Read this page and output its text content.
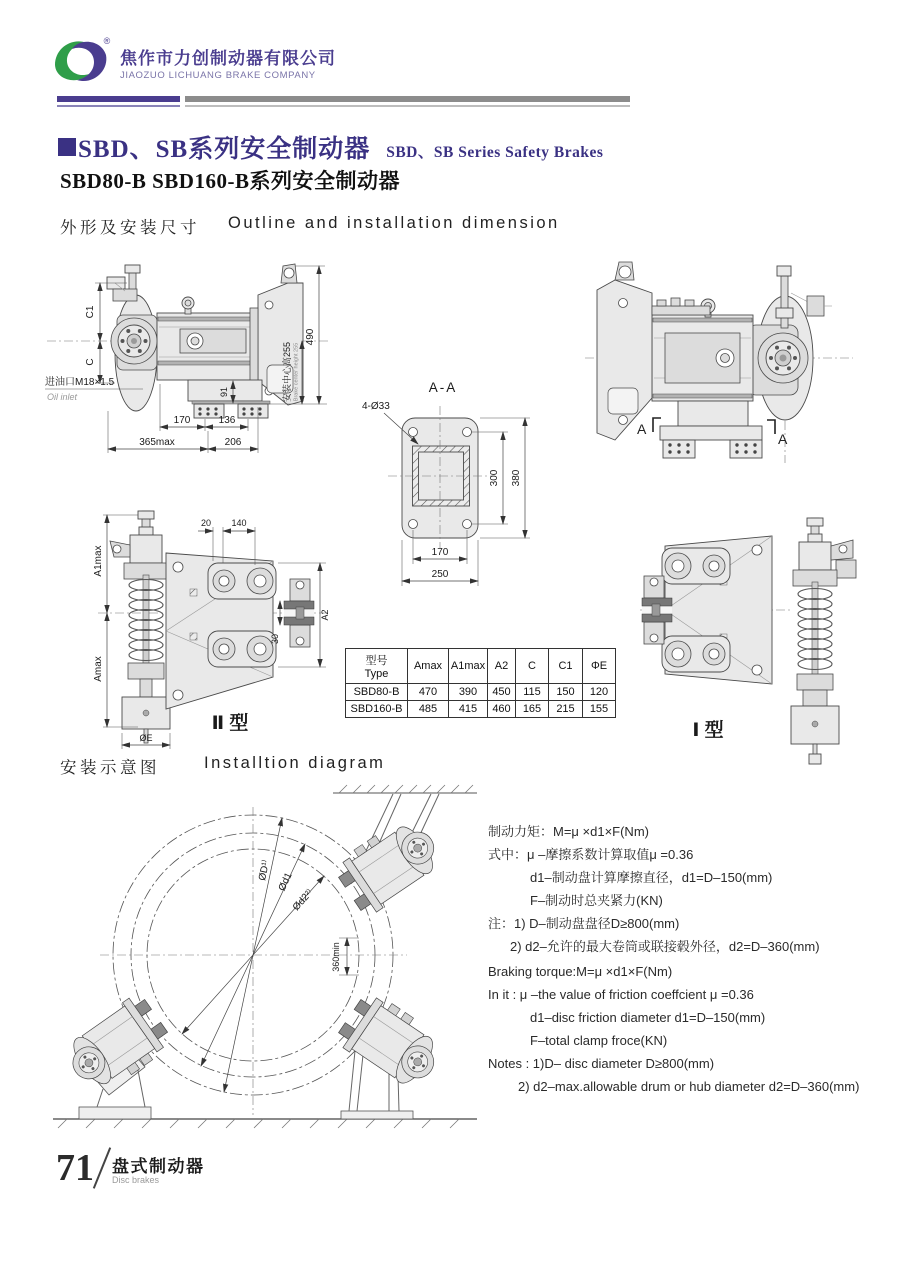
®
焦作市力创制动器有限公司
JIAOZUO LICHUANG BRAKE COMPANY
SBD、SB系列安全制动器 SBD、SB Series Safety Brakes
SBD80-B SBD160-B系列安全制动器
外形及安装尺寸 Outline and installation dimension
C1
C
进油口M18×1.5
Oil inlet	91
170	136
365max	206
安装中心高255 Brake center height 255
490
A-A
4-Ø33
300 380
170
250
A
A
A1max
Amax
20 140
30
A2
ØE
Ⅱ 型
型号
Type	Amax	A1max	A2	C	C1	ΦE
SBD80-B	470	390	450	115	150	120
SBD160-B	485	415	460	165	215	155
Ⅰ 型
安装示意图	Installtion diagram
ØD¹⁾
Ød1
Ød2²⁾
360min
制动力矩：M=μ ×d1×F(Nm)
式中：μ –摩擦系数计算取值μ =0.36
d1–制动盘计算摩擦直径，d1=D–150(mm)
F–制动时总夹紧力(KN)
注：1) D–制动盘盘径D≥800(mm)
2) d2–允许的最大卷筒或联接毂外径，d2=D–360(mm)
Braking torque:M=μ ×d1×F(Nm)
In it : μ –the value of friction coeffcient μ =0.36
d1–disc friction diameter d1=D–150(mm)
F–total clamp froce(KN)
Notes : 1)D– disc diameter D≥800(mm)
2) d2–max.allowable drum or hub diameter d2=D–360(mm)
71 盘式制动器
Disc brakes
